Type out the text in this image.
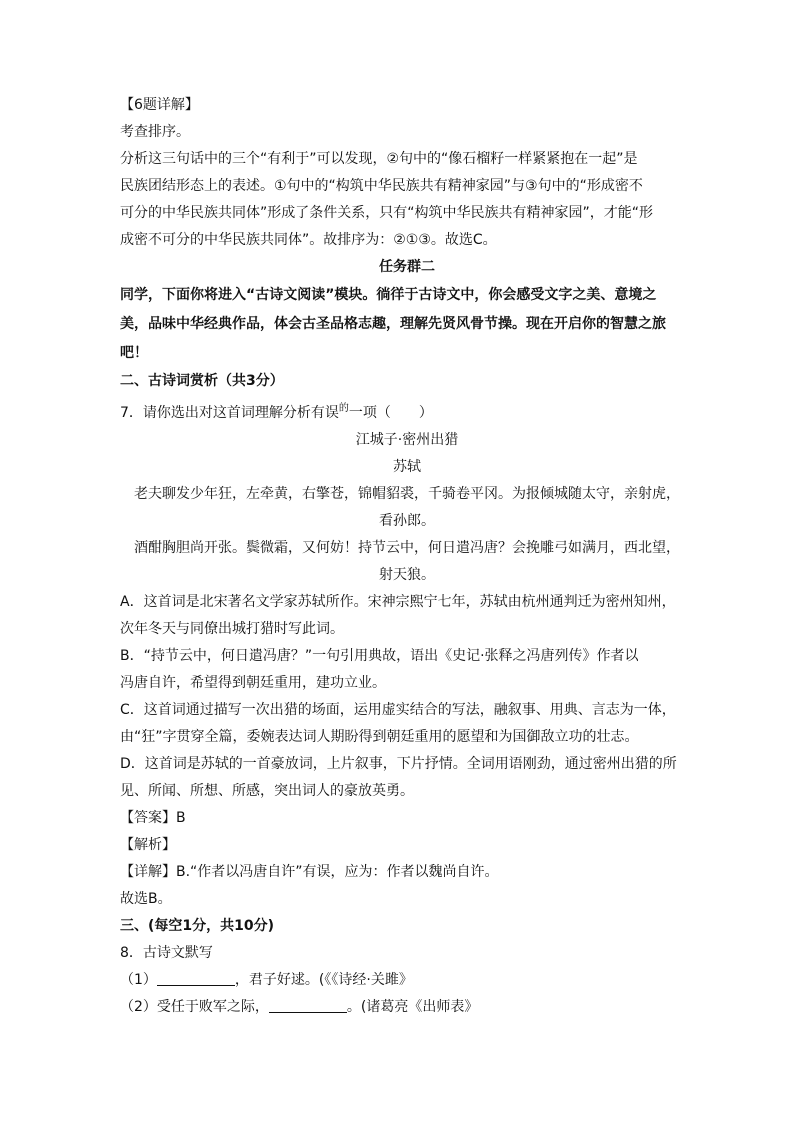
【6题详解】
考查排序。
分析这三句话中的三个“有利于”可以发现，②句中的“像石榴籽一样紧紧抱在一起”是
民族团结形态上的表述。①句中的“构筑中华民族共有精神家园”与③句中的“形成密不
可分的中华民族共同体”形成了条件关系，只有“构筑中华民族共有精神家园”，才能“形
成密不可分的中华民族共同体”。故排序为：②①③。故选C。
任务群二
同学，下面你将进入“古诗文阅读”模块。徜徉于古诗文中，你会感受文字之美、意境之
美，品味中华经典作品，体会古圣品格志趣，理解先贤风骨节操。现在开启你的智慧之旅
吧！
二、古诗词赏析（共3分）
7．请你选出对这首词理解分析有误$^的$一项（　　）
江城子·密州出猎
苏轼
老夫聊发少年狂，左牵黄，右擎苍，锦帽貂裘，千骑卷平冈。为报倾城随太守，亲射虎，
看孙郎。
酒酣胸胆尚开张。鬓微霜，又何妨！持节云中，何日遣冯唐？会挽雕弓如满月，西北望，
射天狼。
A．这首词是北宋著名文学家苏轼所作。宋神宗熙宁七年，苏轼由杭州通判迁为密州知州，
次年冬天与同僚出城打猎时写此词。
B．“持节云中，何日遣冯唐？”一句引用典故，语出《史记·张释之冯唐列传》作者以
冯唐自许，希望得到朝廷重用，建功立业。
C．这首词通过描写一次出猎的场面，运用虚实结合的写法，融叙事、用典、言志为一体，
由“狂”字贯穿全篇，委婉表达词人期盼得到朝廷重用的愿望和为国御敌立功的壮志。
D．这首词是苏轼的一首豪放词，上片叙事，下片抒情。全词用语刚劲，通过密州出猎的所
见、所闻、所想、所感，突出词人的豪放英勇。
【答案】B
【解析】
【详解】B.“作者以冯唐自许”有误，应为：作者以魏尚自许。
故选B。
三、(每空1分，共10分)
8．古诗文默写
（1）	，君子好逑。(《《诗经·关雎》
（2）受任于败军之际，	。(诸葛亮《出师表》
